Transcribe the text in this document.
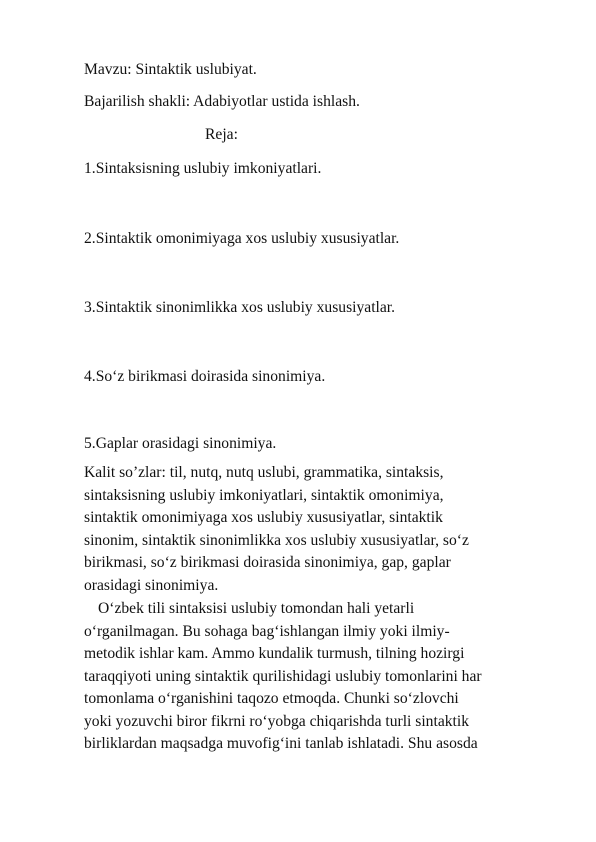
Mavzu: Sintaktik uslubiyat.

Bajarilish shakli: Adabiyotlar ustida ishlash.

Reja:

1.Sintaksisning uslubiy imkoniyatlari.

2.Sintaktik omonimiyaga xos uslubiy xususiyatlar.

3.Sintaktik sinonimlikka xos uslubiy xususiyatlar.

4.So‘z birikmasi doirasida sinonimiya.

5.Gaplar orasidagi sinonimiya.

Kalit so’zlar: til, nutq, nutq uslubi, grammatika, sintaksis,
sintaksisning uslubiy imkoniyatlari, sintaktik omonimiya,
sintaktik omonimiyaga xos uslubiy xususiyatlar, sintaktik
sinonim, sintaktik sinonimlikka xos uslubiy xususiyatlar, so‘z
birikmasi, so‘z birikmasi doirasida sinonimiya, gap, gaplar
orasidagi sinonimiya.
O‘zbek tili sintaksisi uslubiy tomondan hali yetarli
o‘rganilmagan. Bu sohaga bag‘ishlangan ilmiy yoki ilmiy-
metodik ishlar kam. Ammo kundalik turmush, tilning hozirgi
taraqqiyoti uning sintaktik qurilishidagi uslubiy tomonlarini har
tomonlama o‘rganishini taqozo etmoqda. Chunki so‘zlovchi
yoki yozuvchi biror fikrni ro‘yobga chiqarishda turli sintaktik
birliklardan maqsadga muvofig‘ini tanlab ishlatadi. Shu asosda
